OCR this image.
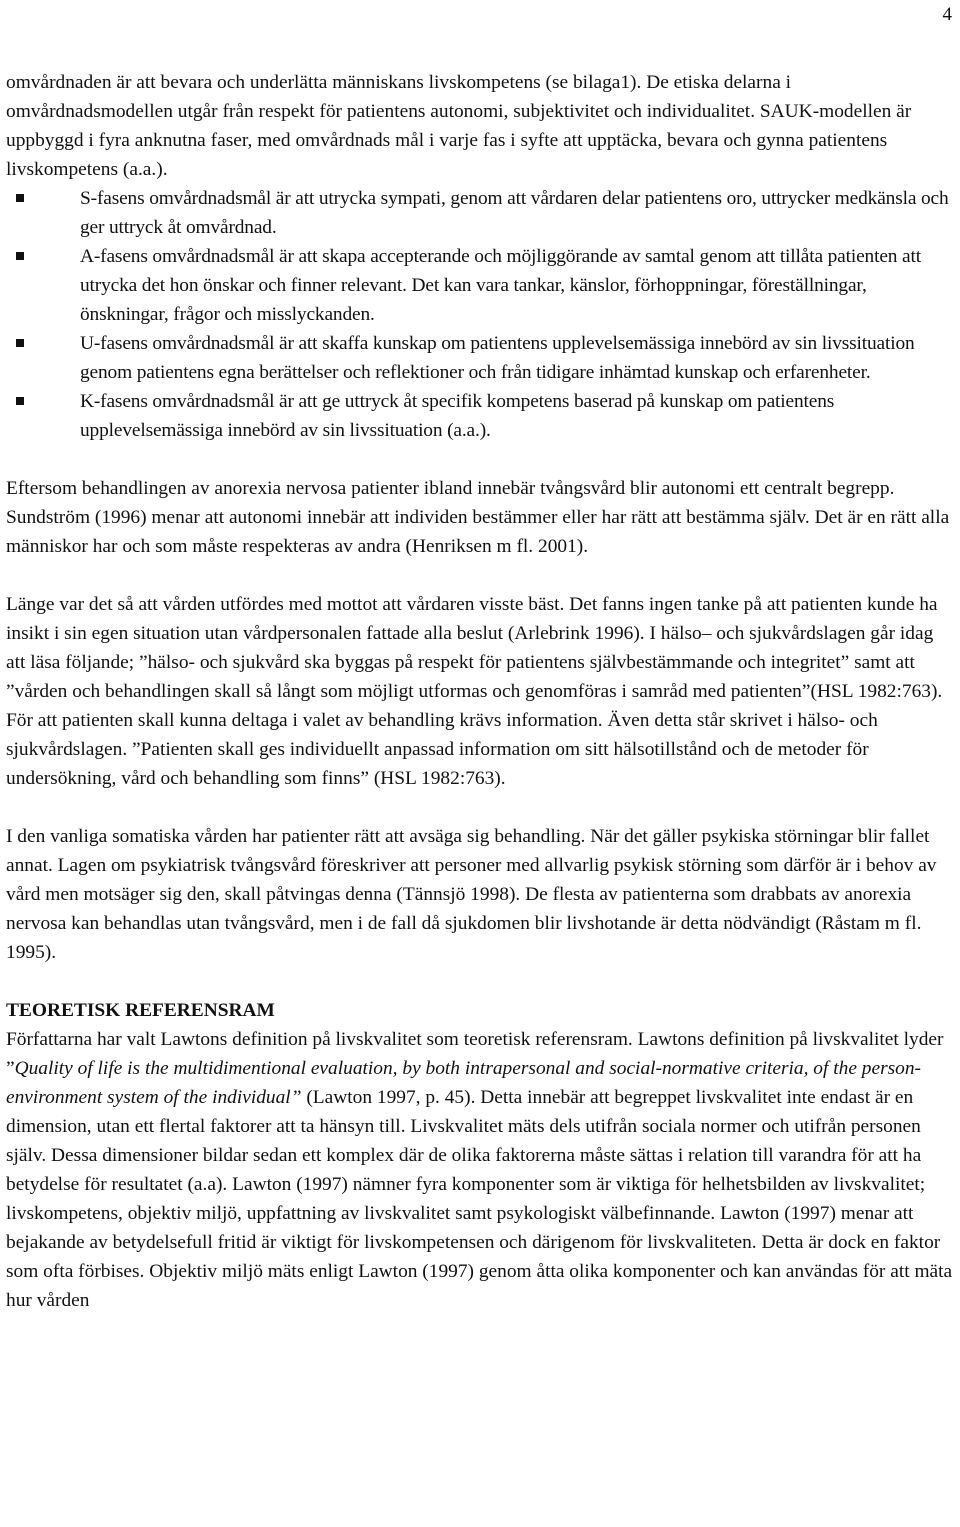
4

omvårdnaden är att bevara och underlätta människans livskompetens (se bilaga1). De etiska delarna i omvårdnadsmodellen utgår från respekt för patientens autonomi, subjektivitet och individualitet. SAUK-modellen är uppbyggd i fyra anknutna faser, med omvårdnads mål i varje fas i syfte att upptäcka, bevara och gynna patientens livskompetens (a.a.).

S-fasens omvårdnadsmål är att utrycka sympati, genom att vårdaren delar patientens oro, uttrycker medkänsla och ger uttryck åt omvårdnad.
A-fasens omvårdnadsmål är att skapa accepterande och möjliggörande av samtal genom att tillåta patienten att utrycka det hon önskar och finner relevant. Det kan vara tankar, känslor, förhoppningar, föreställningar, önskningar, frågor och misslyckanden.
U-fasens omvårdnadsmål är att skaffa kunskap om patientens upplevelsemässiga innebörd av sin livssituation genom patientens egna berättelser och reflektioner och från tidigare inhämtad kunskap och erfarenheter.
K-fasens omvårdnadsmål är att ge uttryck åt specifik kompetens baserad på kunskap om patientens upplevelsemässiga innebörd av sin livssituation (a.a.).

Eftersom behandlingen av anorexia nervosa patienter ibland innebär tvångsvård blir autonomi ett centralt begrepp. Sundström (1996) menar att autonomi innebär att individen bestämmer eller har rätt att bestämma själv. Det är en rätt alla människor har och som måste respekteras av andra (Henriksen m fl. 2001).

Länge var det så att vården utfördes med mottot att vårdaren visste bäst. Det fanns ingen tanke på att patienten kunde ha insikt i sin egen situation utan vårdpersonalen fattade alla beslut (Arlebrink 1996). I hälso– och sjukvårdslagen går idag att läsa följande; ”hälso- och sjukvård ska byggas på respekt för patientens självbestämmande och integritet” samt att ”vården och behandlingen skall så långt som möjligt utformas och genomföras i samråd med patienten”(HSL 1982:763). För att patienten skall kunna deltaga i valet av behandling krävs information. Även detta står skrivet i hälso- och sjukvårdslagen. ”Patienten skall ges individuellt anpassad information om sitt hälsotillstånd och de metoder för undersökning, vård och behandling som finns” (HSL 1982:763).

I den vanliga somatiska vården har patienter rätt att avsäga sig behandling. När det gäller psykiska störningar blir fallet annat. Lagen om psykiatrisk tvångsvård föreskriver att personer med allvarlig psykisk störning som därför är i behov av vård men motsäger sig den, skall påtvingas denna (Tännsjö 1998). De flesta av patienterna som drabbats av anorexia nervosa kan behandlas utan tvångsvård, men i de fall då sjukdomen blir livshotande är detta nödvändigt (Råstam m fl. 1995).

TEORETISK REFERENSRAM

Författarna har valt Lawtons definition på livskvalitet som teoretisk referensram. Lawtons definition på livskvalitet lyder ”Quality of life is the multidimentional evaluation, by both intrapersonal and social-normative criteria, of the person-environment system of the individual” (Lawton 1997, p. 45). Detta innebär att begreppet livskvalitet inte endast är en dimension, utan ett flertal faktorer att ta hänsyn till. Livskvalitet mäts dels utifrån sociala normer och utifrån personen själv. Dessa dimensioner bildar sedan ett komplex där de olika faktorerna måste sättas i relation till varandra för att ha betydelse för resultatet (a.a). Lawton (1997) nämner fyra komponenter som är viktiga för helhetsbilden av livskvalitet; livskompetens, objektiv miljö, uppfattning av livskvalitet samt psykologiskt välbefinnande. Lawton (1997) menar att bejakande av betydelsefull fritid är viktigt för livskompetensen och därigenom för livskvaliteten. Detta är dock en faktor som ofta förbises. Objektiv miljö mäts enligt Lawton (1997) genom åtta olika komponenter och kan användas för att mäta hur vården
